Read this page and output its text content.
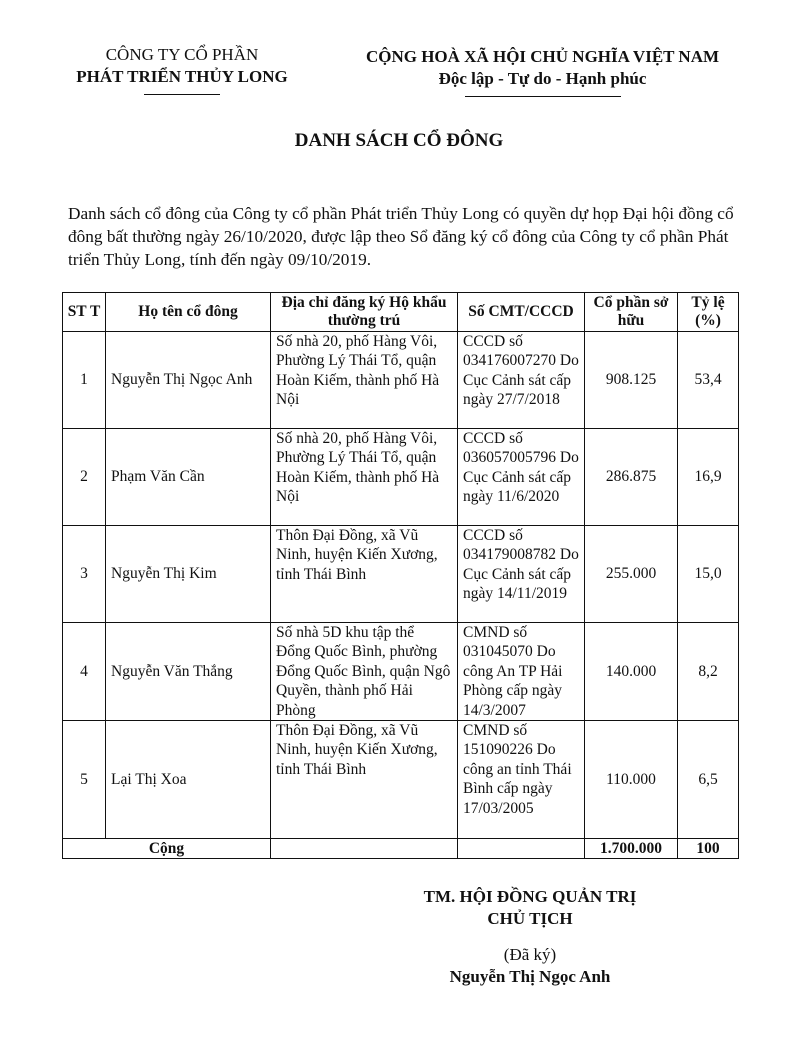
CÔNG TY CỔ PHẦN
PHÁT TRIỂN THỦY LONG
CỘNG HOÀ XÃ HỘI CHỦ NGHĨA VIỆT NAM
Độc lập - Tự do - Hạnh phúc
DANH SÁCH CỔ ĐÔNG
Danh sách cổ đông của Công ty cổ phần Phát triển Thủy Long có quyền dự họp Đại hội đồng cổ đông bất thường ngày 26/10/2020, được lập theo Sổ đăng ký cổ đông của Công ty cổ phần Phát triển Thủy Long, tính đến ngày 09/10/2019.
ST T	Họ tên cổ đông	Địa chỉ đăng ký Hộ khẩu thường trú	Số CMT/CCCD	Cổ phần sở hữu	Tỷ lệ (%)
1	Nguyễn Thị Ngọc Anh	Số nhà 20, phố Hàng Vôi, Phường Lý Thái Tổ, quận Hoàn Kiếm, thành phố Hà Nội	CCCD số 034176007270 Do Cục Cảnh sát cấp ngày 27/7/2018	908.125	53,4
2	Phạm Văn Cần	Số nhà 20, phố Hàng Vôi, Phường Lý Thái Tổ, quận Hoàn Kiếm, thành phố Hà Nội	CCCD số 036057005796 Do Cục Cảnh sát cấp ngày 11/6/2020	286.875	16,9
3	Nguyễn Thị Kim	Thôn Đại Đồng, xã Vũ Ninh, huyện Kiến Xương, tỉnh Thái Bình	CCCD số 034179008782 Do Cục Cảnh sát cấp ngày 14/11/2019	255.000	15,0
4	Nguyễn Văn Thắng	Số nhà 5D khu tập thể Đổng Quốc Bình, phường Đổng Quốc Bình, quận Ngô Quyền, thành phố Hải Phòng	CMND số 031045070 Do công An TP Hải Phòng cấp ngày 14/3/2007	140.000	8,2
5	Lại Thị Xoa	Thôn Đại Đồng, xã Vũ Ninh, huyện Kiến Xương, tỉnh Thái Bình	CMND số 151090226 Do công an tỉnh Thái Bình cấp ngày 17/03/2005	110.000	6,5
Cộng				1.700.000	100
TM. HỘI ĐỒNG QUẢN TRỊ
CHỦ TỊCH
(Đã ký)
Nguyễn Thị Ngọc Anh
